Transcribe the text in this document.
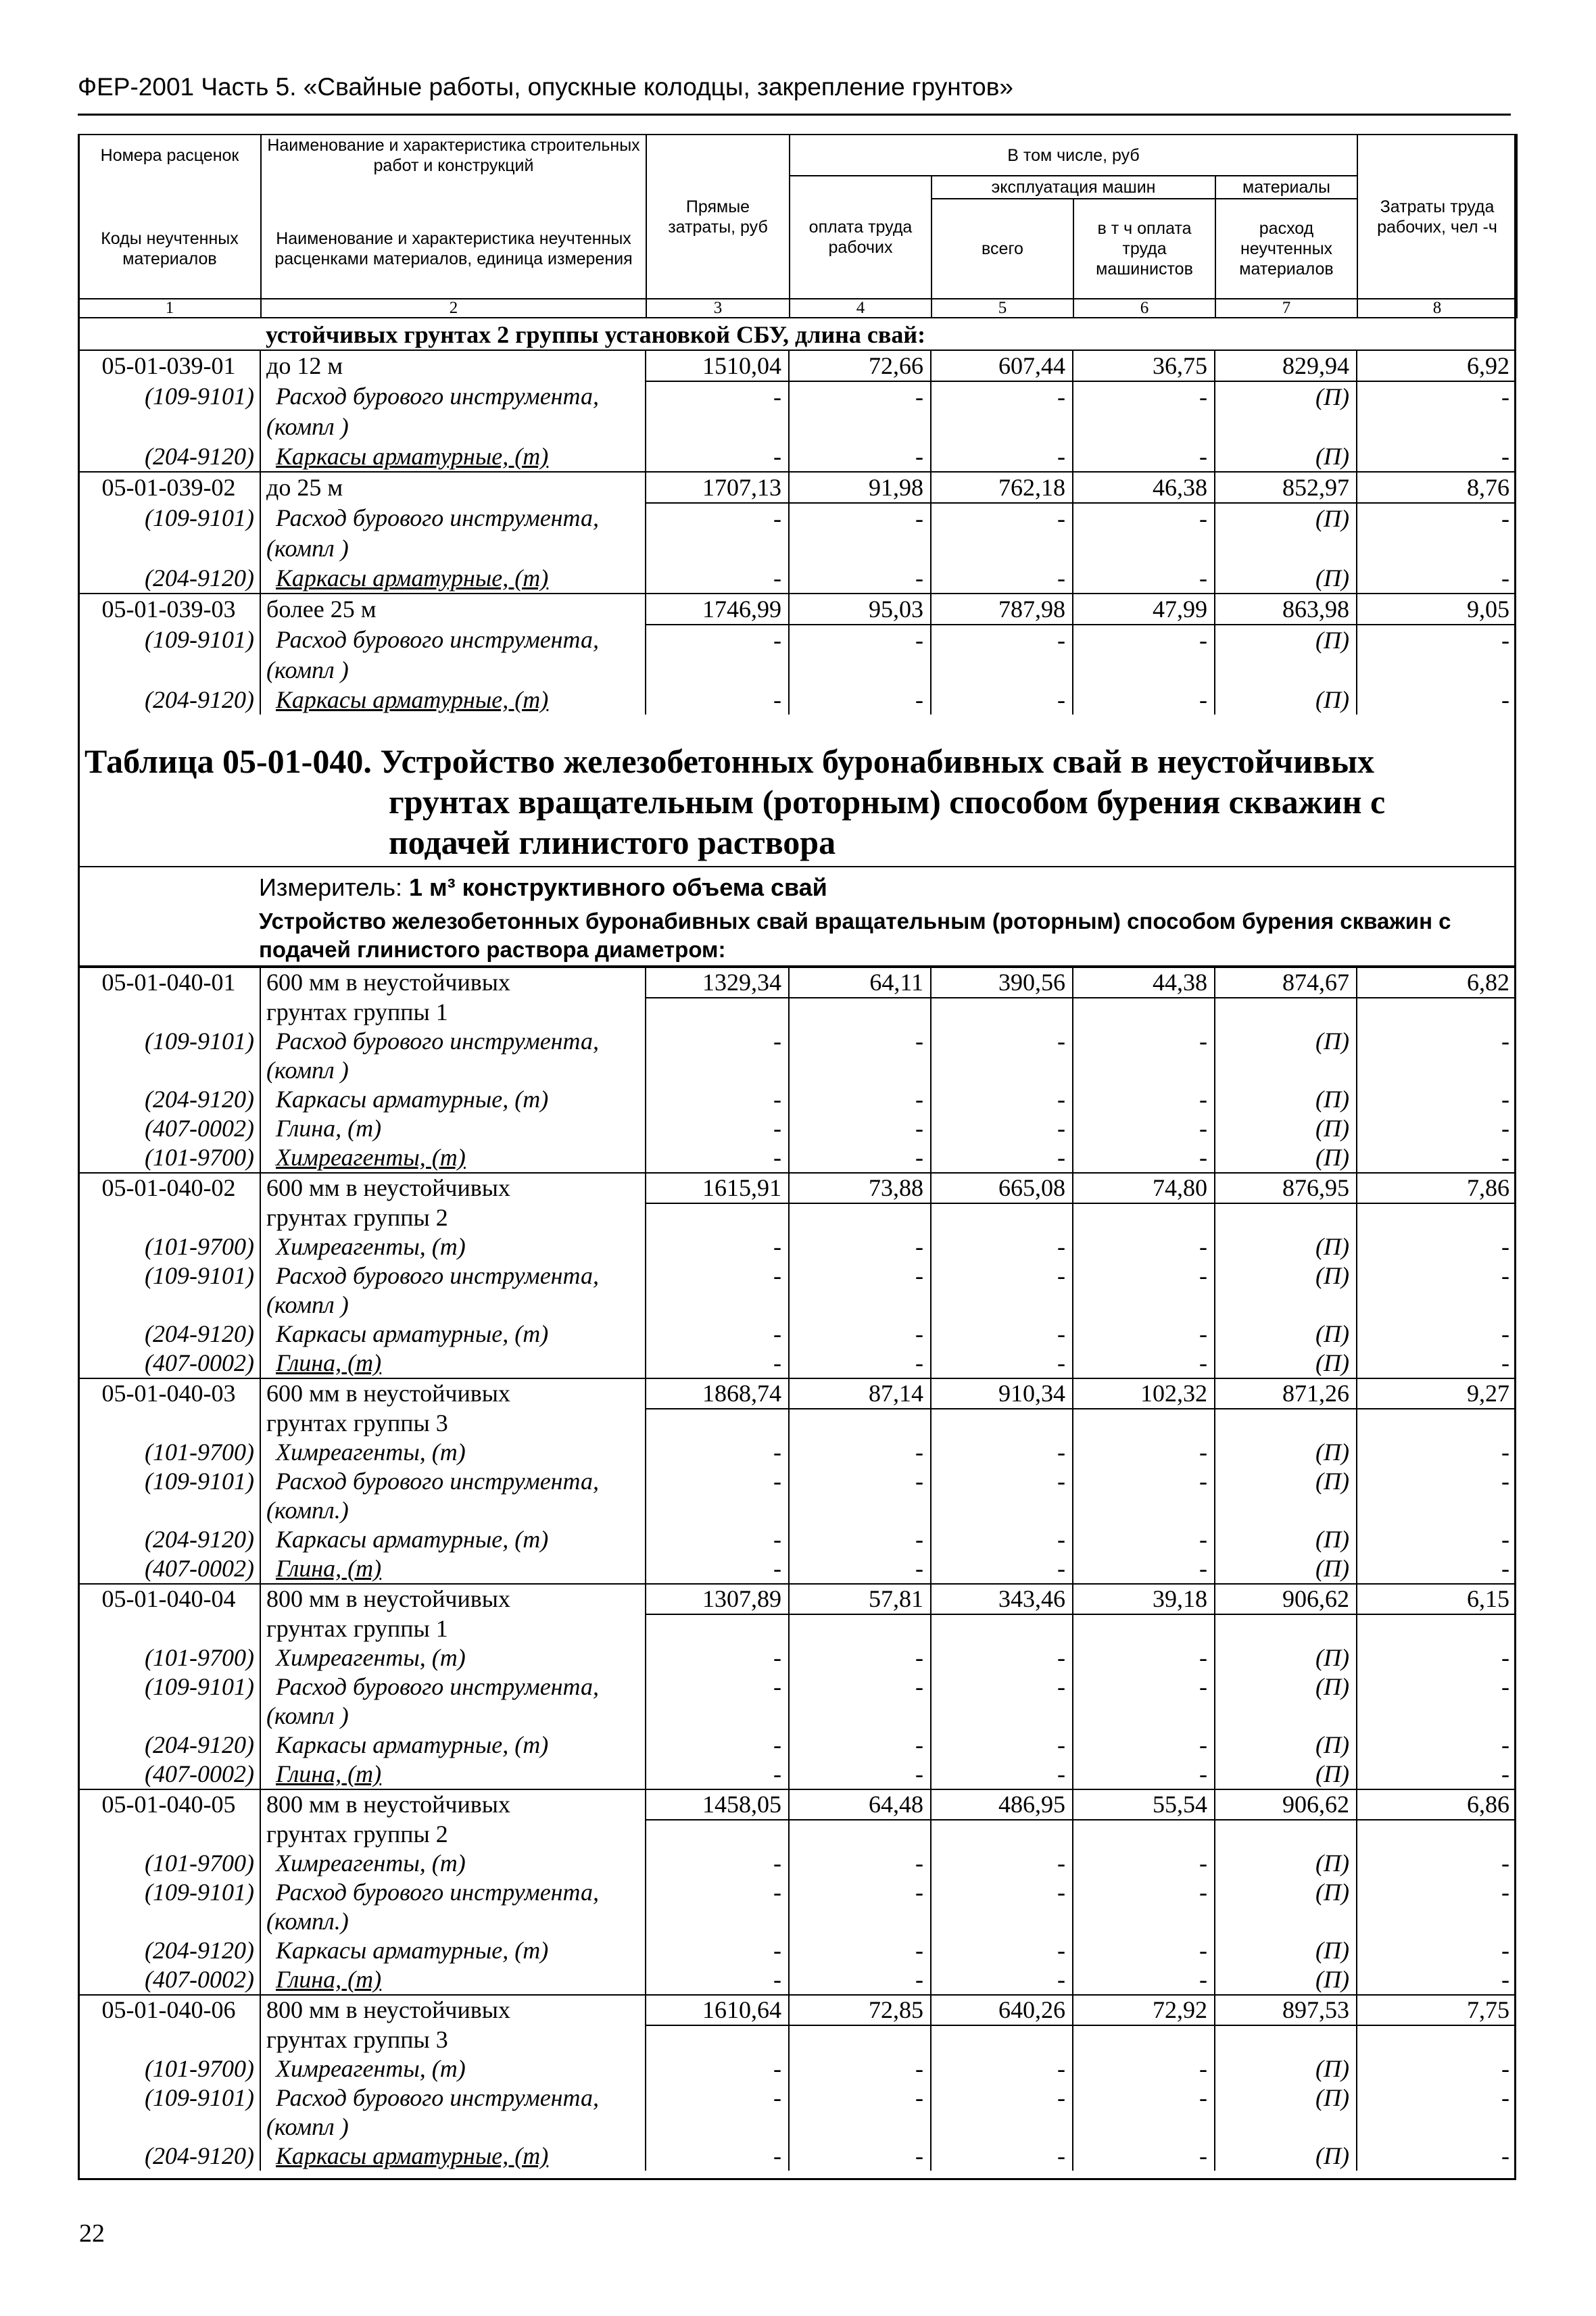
ФЕР-2001 Часть 5. «Свайные работы, опускные колодцы, закрепление грунтов»
Номера расценок	Наименование и характеристика строительных работ и конструкций	Прямые затраты, руб	В том числе, руб				Затраты труда рабочих, чел -ч
			оплата труда рабочих	эксплуатация машин		материалы	
Коды неучтенных материалов	Наименование и характеристика неучтенных расценками материалов, единица измерения			всего	в т ч оплата труда машинистов	расход неучтенных материалов	

1	2	3	4	5	6	7	8
	устойчивых грунтах 2 группы установкой СБУ, длина свай:						
05-01-039-01	до 12 м	1510,04	72,66	607,44	36,75	829,94	6,92
(109-9101)	Расход бурового инструмента,	-	-	-	-	(П)	-
	(компл )						
(204-9120)	Каркасы арматурные, (т)	-	-	-	-	(П)	-
05-01-039-02	до 25 м	1707,13	91,98	762,18	46,38	852,97	8,76
(109-9101)	Расход бурового инструмента,	-	-	-	-	(П)	-
	(компл )						
(204-9120)	Каркасы арматурные, (т)	-	-	-	-	(П)	-
05-01-039-03	более 25 м	1746,99	95,03	787,98	47,99	863,98	9,05
(109-9101)	Расход бурового инструмента,	-	-	-	-	(П)	-
	(компл )						
(204-9120)	Каркасы арматурные, (т)	-	-	-	-	(П)	-
Таблица 05-01-040. Устройство железобетонных буронабивных свай в неустойчивых
грунтах вращательным (роторным) способом бурения скважин с
подачей глинистого раствора
Измеритель: 1 м³ конструктивного объема свай
Устройство железобетонных буронабивных свай вращательным (роторным) способом бурения скважин с подачей глинистого раствора диаметром:
05-01-040-01	600 мм в неустойчивых	1329,34	64,11	390,56	44,38	874,67	6,82
	грунтах группы 1						
(109-9101)	Расход бурового инструмента,	-	-	-	-	(П)	-
	(компл )						
(204-9120)	Каркасы арматурные, (т)	-	-	-	-	(П)	-
(407-0002)	Глина, (т)	-	-	-	-	(П)	-
(101-9700)	Химреагенты, (т)	-	-	-	-	(П)	-
05-01-040-02	600 мм в неустойчивых	1615,91	73,88	665,08	74,80	876,95	7,86
	грунтах группы 2						
(101-9700)	Химреагенты, (т)	-	-	-	-	(П)	-
(109-9101)	Расход бурового инструмента,	-	-	-	-	(П)	-
	(компл )						
(204-9120)	Каркасы арматурные, (т)	-	-	-	-	(П)	-
(407-0002)	Глина, (т)	-	-	-	-	(П)	-
05-01-040-03	600 мм в неустойчивых	1868,74	87,14	910,34	102,32	871,26	9,27
	грунтах группы 3						
(101-9700)	Химреагенты, (т)	-	-	-	-	(П)	-
(109-9101)	Расход бурового инструмента,	-	-	-	-	(П)	-
	(компл.)						
(204-9120)	Каркасы арматурные, (т)	-	-	-	-	(П)	-
(407-0002)	Глина, (т)	-	-	-	-	(П)	-
05-01-040-04	800 мм в неустойчивых	1307,89	57,81	343,46	39,18	906,62	6,15
	грунтах группы 1						
(101-9700)	Химреагенты, (т)	-	-	-	-	(П)	-
(109-9101)	Расход бурового инструмента,	-	-	-	-	(П)	-
	(компл )						
(204-9120)	Каркасы арматурные, (т)	-	-	-	-	(П)	-
(407-0002)	Глина, (т)	-	-	-	-	(П)	-
05-01-040-05	800 мм в неустойчивых	1458,05	64,48	486,95	55,54	906,62	6,86
	грунтах группы 2						
(101-9700)	Химреагенты, (т)	-	-	-	-	(П)	-
(109-9101)	Расход бурового инструмента,	-	-	-	-	(П)	-
	(компл.)						
(204-9120)	Каркасы арматурные, (т)	-	-	-	-	(П)	-
(407-0002)	Глина, (т)	-	-	-	-	(П)	-
05-01-040-06	800 мм в неустойчивых	1610,64	72,85	640,26	72,92	897,53	7,75
	грунтах группы 3						
(101-9700)	Химреагенты, (т)	-	-	-	-	(П)	-
(109-9101)	Расход бурового инструмента,	-	-	-	-	(П)	-
	(компл )						
(204-9120)	Каркасы арматурные, (т)	-	-	-	-	(П)	-
22
